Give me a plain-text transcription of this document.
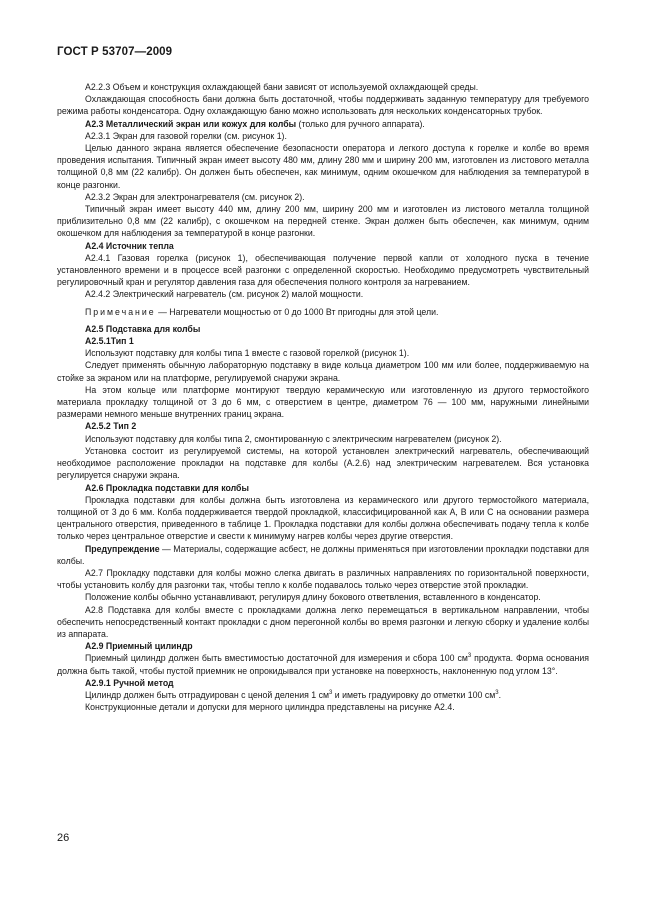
ГОСТ Р 53707—2009

А2.2.3 Объем и конструкция охлаждающей бани зависят от используемой охлаждающей среды.

Охлаждающая способность бани должна быть достаточной, чтобы поддерживать заданную температуру для требуемого режима работы конденсатора. Одну охлаждающую баню можно использовать для нескольких конденсаторных трубок.

А2.3 Металлический экран или кожух для колбы (только для ручного аппарата).

А2.3.1 Экран для газовой горелки (см. рисунок 1).

Целью данного экрана является обеспечение безопасности оператора и легкого доступа к горелке и колбе во время проведения испытания. Типичный экран имеет высоту 480 мм, длину 280 мм и ширину 200 мм, изготовлен из листового металла толщиной 0,8 мм (22 калибр). Он должен быть обеспечен, как минимум, одним окошечком для наблюдения за температурой в конце разгонки.

А2.3.2 Экран для электронагревателя (см. рисунок 2).

Типичный экран имеет высоту 440 мм, длину 200 мм, ширину 200 мм и изготовлен из листового металла толщиной приблизительно 0,8 мм (22 калибр), с окошечком на передней стенке. Экран должен быть обеспечен, как минимум, одним окошечком для наблюдения за температурой в конце разгонки.

А2.4 Источник тепла

А2.4.1 Газовая горелка (рисунок 1), обеспечивающая получение первой капли от холодного пуска в течение установленного времени и в процессе всей разгонки с определенной скоростью. Необходимо предусмотреть чувствительный регулировочный кран и регулятор давления газа для обеспечения полного контроля за нагреванием.

А2.4.2 Электрический нагреватель (см. рисунок 2) малой мощности.

Примечание — Нагреватели мощностью от 0 до 1000 Вт пригодны для этой цели.

А2.5 Подставка для колбы

А2.5.1Тип 1

Используют подставку для колбы типа 1 вместе с газовой горелкой (рисунок 1).

Следует применять обычную лабораторную подставку в виде кольца диаметром 100 мм или более, поддерживаемую на стойке за экраном или на платформе, регулируемой снаружи экрана.

На этом кольце или платформе монтируют твердую керамическую или изготовленную из другого термостойкого материала прокладку толщиной от 3 до 6 мм, с отверстием в центре, диаметром 76 — 100 мм, наружными линейными размерами немного меньше внутренних границ экрана.

А2.5.2 Тип 2

Используют подставку для колбы типа 2, смонтированную с электрическим нагревателем (рисунок 2).

Установка состоит из регулируемой системы, на которой установлен электрический нагреватель, обеспечивающий необходимое расположение прокладки на подставке для колбы (А.2.6) над электрическим нагревателем. Вся установка регулируется снаружи экрана.

А2.6 Прокладка подставки для колбы

Прокладка подставки для колбы должна быть изготовлена из керамического или другого термостойкого материала, толщиной от 3 до 6 мм. Колба поддерживается твердой прокладкой, классифицированной как А, В или С на основании размера центрального отверстия, приведенного в таблице 1. Прокладка подставки для колбы должна обеспечивать подачу тепла к колбе только через центральное отверстие и свести к минимуму нагрев колбы через другие отверстия.

Предупреждение — Материалы, содержащие асбест, не должны применяться при изготовлении прокладки подставки для колбы.

А2.7 Прокладку подставки для колбы можно слегка двигать в различных направлениях по горизонтальной поверхности, чтобы установить колбу для разгонки так, чтобы тепло к колбе подавалось только через отверстие этой прокладки.

Положение колбы обычно устанавливают, регулируя длину бокового ответвления, вставленного в конденсатор.

А2.8 Подставка для колбы вместе с прокладками должна легко перемещаться в вертикальном направлении, чтобы обеспечить непосредственный контакт прокладки с дном перегонной колбы во время разгонки и легкую сборку и удаление колбы из аппарата.

А2.9 Приемный цилиндр

Приемный цилиндр должен быть вместимостью достаточной для измерения и сбора 100 $см^3$ продукта. Форма основания должна быть такой, чтобы пустой приемник не опрокидывался при установке на поверхность, наклоненную под углом 13°.

А2.9.1 Ручной метод

Цилиндр должен быть отградуирован с ценой деления 1 $см^3$ и иметь градуировку до отметки 100 $см^3$.

Конструкционные детали и допуски для мерного цилиндра представлены на рисунке А2.4.

26
